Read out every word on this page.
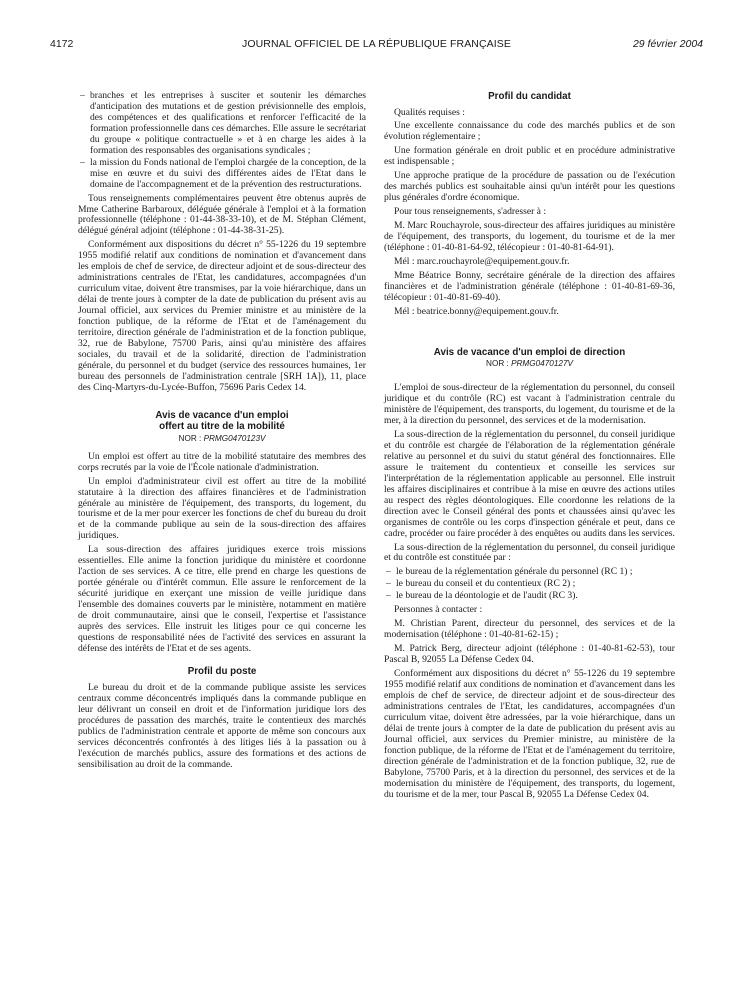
4172	JOURNAL OFFICIEL DE LA RÉPUBLIQUE FRANÇAISE	29 février 2004
– branches et les entreprises à susciter et soutenir les démarches d'anticipation des mutations et de gestion prévisionnelle des emplois, des compétences et des qualifications et renforcer l'efficacité de la formation professionnelle dans ces démarches. Elle assure le secrétariat du groupe « politique contractuelle » et à en charge les aides à la formation des responsables des organisations syndicales ;
– la mission du Fonds national de l'emploi chargée de la conception, de la mise en œuvre et du suivi des différentes aides de l'Etat dans le domaine de l'accompagnement et de la prévention des restructurations.

Tous renseignements complémentaires peuvent être obtenus auprès de Mme Catherine Barbaroux, déléguée générale à l'emploi et à la formation professionnelle (téléphone : 01-44-38-33-10), et de M. Stéphan Clément, délégué général adjoint (téléphone : 01-44-38-31-25).

Conformément aux dispositions du décret n° 55-1226 du 19 septembre 1955 modifié relatif aux conditions de nomination et d'avancement dans les emplois de chef de service, de directeur adjoint et de sous-directeur des administrations centrales de l'Etat, les candidatures, accompagnées d'un curriculum vitae, doivent être transmises, par la voie hiérarchique, dans un délai de trente jours à compter de la date de publication du présent avis au Journal officiel, aux services du Premier ministre et au ministère de la fonction publique, de la réforme de l'Etat et de l'aménagement du territoire, direction générale de l'administration et de la fonction publique, 32, rue de Babylone, 75700 Paris, ainsi qu'au ministère des affaires sociales, du travail et de la solidarité, direction de l'administration générale, du personnel et du budget (service des ressources humaines, 1er bureau des personnels de l'administration centrale [SRH 1A]), 11, place des Cinq-Martyrs-du-Lycée-Buffon, 75696 Paris Cedex 14.

Avis de vacance d'un emploi
offert au titre de la mobilité
NOR : PRMG0470123V

Un emploi est offert au titre de la mobilité statutaire des membres des corps recrutés par la voie de l'École nationale d'administration.

Un emploi d'administrateur civil est offert au titre de la mobilité statutaire à la direction des affaires financières et de l'administration générale au ministère de l'équipement, des transports, du logement, du tourisme et de la mer pour exercer les fonctions de chef du bureau du droit et de la commande publique au sein de la sous-direction des affaires juridiques.

La sous-direction des affaires juridiques exerce trois missions essentielles. Elle anime la fonction juridique du ministère et coordonne l'action de ses services. A ce titre, elle prend en charge les questions de portée générale ou d'intérêt commun. Elle assure le renforcement de la sécurité juridique en exerçant une mission de veille juridique dans l'ensemble des domaines couverts par le ministère, notamment en matière de droit communautaire, ainsi que le conseil, l'expertise et l'assistance auprès des services. Elle instruit les litiges pour ce qui concerne les questions de responsabilité nées de l'activité des services en assurant la défense des intérêts de l'Etat et de ses agents.

Profil du poste

Le bureau du droit et de la commande publique assiste les services centraux comme déconcentrés impliqués dans la commande publique en leur délivrant un conseil en droit et de l'information juridique lors des procédures de passation des marchés, traite le contentieux des marchés publics de l'administration centrale et apporte de même son concours aux services déconcentrés confrontés à des litiges liés à la passation ou à l'exécution de marchés publics, assure des formations et des actions de sensibilisation au droit de la commande.

Profil du candidat

Qualités requises :

Une excellente connaissance du code des marchés publics et de son évolution réglementaire ;

Une formation générale en droit public et en procédure administrative est indispensable ;

Une approche pratique de la procédure de passation ou de l'exécution des marchés publics est souhaitable ainsi qu'un intérêt pour les questions plus générales d'ordre économique.

Pour tous renseignements, s'adresser à :

M. Marc Rouchayrole, sous-directeur des affaires juridiques au ministère de l'équipement, des transports, du logement, du tourisme et de la mer (téléphone : 01-40-81-64-92, télécopieur : 01-40-81-64-91).

Mél : marc.rouchayrole@equipement.gouv.fr.

Mme Béatrice Bonny, secrétaire générale de la direction des affaires financières et de l'administration générale (téléphone : 01-40-81-69-36, télécopieur : 01-40-81-69-40).

Mél : beatrice.bonny@equipement.gouv.fr.

Avis de vacance d'un emploi de direction
NOR : PRMG0470127V

L'emploi de sous-directeur de la réglementation du personnel, du conseil juridique et du contrôle (RC) est vacant à l'administration centrale du ministère de l'équipement, des transports, du logement, du tourisme et de la mer, à la direction du personnel, des services et de la modernisation.

La sous-direction de la réglementation du personnel, du conseil juridique et du contrôle est chargée de l'élaboration de la réglementation générale relative au personnel et du suivi du statut général des fonctionnaires. Elle assure le traitement du contentieux et conseille les services sur l'interprétation de la réglementation applicable au personnel. Elle instruit les affaires disciplinaires et contribue à la mise en œuvre des actions utiles au respect des règles déontologiques. Elle coordonne les relations de la direction avec le Conseil général des ponts et chaussées ainsi qu'avec les organismes de contrôle ou les corps d'inspection générale et peut, dans ce cadre, procéder ou faire procéder à des enquêtes ou audits dans les services.

La sous-direction de la réglementation du personnel, du conseil juridique et du contrôle est constituée par :

– le bureau de la réglementation générale du personnel (RC 1) ;
– le bureau du conseil et du contentieux (RC 2) ;
– le bureau de la déontologie et de l'audit (RC 3).

Personnes à contacter :

M. Christian Parent, directeur du personnel, des services et de la modernisation (téléphone : 01-40-81-62-15) ;

M. Patrick Berg, directeur adjoint (téléphone : 01-40-81-62-53), tour Pascal B, 92055 La Défense Cedex 04.

Conformément aux dispositions du décret n° 55-1226 du 19 septembre 1955 modifié relatif aux conditions de nomination et d'avancement dans les emplois de chef de service, de directeur adjoint et de sous-directeur des administrations centrales de l'Etat, les candidatures, accompagnées d'un curriculum vitae, doivent être adressées, par la voie hiérarchique, dans un délai de trente jours à compter de la date de publication du présent avis au Journal officiel, aux services du Premier ministre, au ministère de la fonction publique, de la réforme de l'Etat et de l'aménagement du territoire, direction générale de l'administration et de la fonction publique, 32, rue de Babylone, 75700 Paris, et à la direction du personnel, des services et de la modernisation du ministère de l'équipement, des transports, du logement, du tourisme et de la mer, tour Pascal B, 92055 La Défense Cedex 04.
